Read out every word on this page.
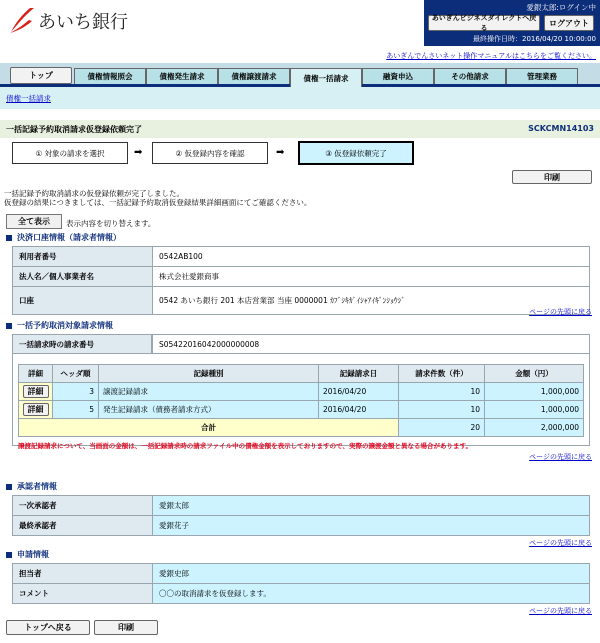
あいち銀行
愛銀太郎:ログイン中
あいぎんビジネスダイレクトへ戻る
ログアウト
最終操作日時：2016/04/20 10:00:00
あいぎんでんさいネット操作マニュアルはこちらをご覧ください。
トップ	債権情報照会	債権発生請求	債権譲渡請求	債権一括請求	融資申込	その他請求	管理業務
債権一括請求
一括記録予約取消請求仮登録依頼完了	SCKCMN14103
① 対象の請求を選択	➡	② 仮登録内容を確認	➡	③ 仮登録依頼完了
印刷
一括記録予約取消請求の仮登録依頼が完了しました。
仮登録の結果につきましては、一括記録予約取消仮登録結果詳細画面にてご確認ください。
全て表示	表示内容を切り替えます。
決済口座情報（請求者情報）
利用者番号	0542AB100
法人名／個人事業者名	株式会社愛銀商事
口座	0542 あいち銀行 201 本店営業部 当座 0000001 ｶﾌﾞｼｷｶﾞｲｼｬｱｲｷﾞﾝｼｮｳｼﾞ
ページの先頭に戻る
一括予約取消対象請求情報
一括請求時の請求番号	S05422016042000000008
詳細	ヘッダ順	記録種別	記録請求日	請求件数（件）	金額（円）
詳細	3	譲渡記録請求	2016/04/20	10	1,000,000
詳細	5	発生記録請求（債務者請求方式）	2016/04/20	10	1,000,000
合計				20	2,000,000
譲渡記録請求について、当画面の金額は、一括記録請求時の請求ファイル中の債権金額を表示しておりますので、実際の譲渡金額と異なる場合があります。
ページの先頭に戻る
承認者情報
一次承認者	愛銀太郎
最終承認者	愛銀花子
ページの先頭に戻る
申請情報
担当者	愛銀史郎
コメント	〇〇の取消請求を仮登録します。
ページの先頭に戻る
トップへ戻る	印刷
